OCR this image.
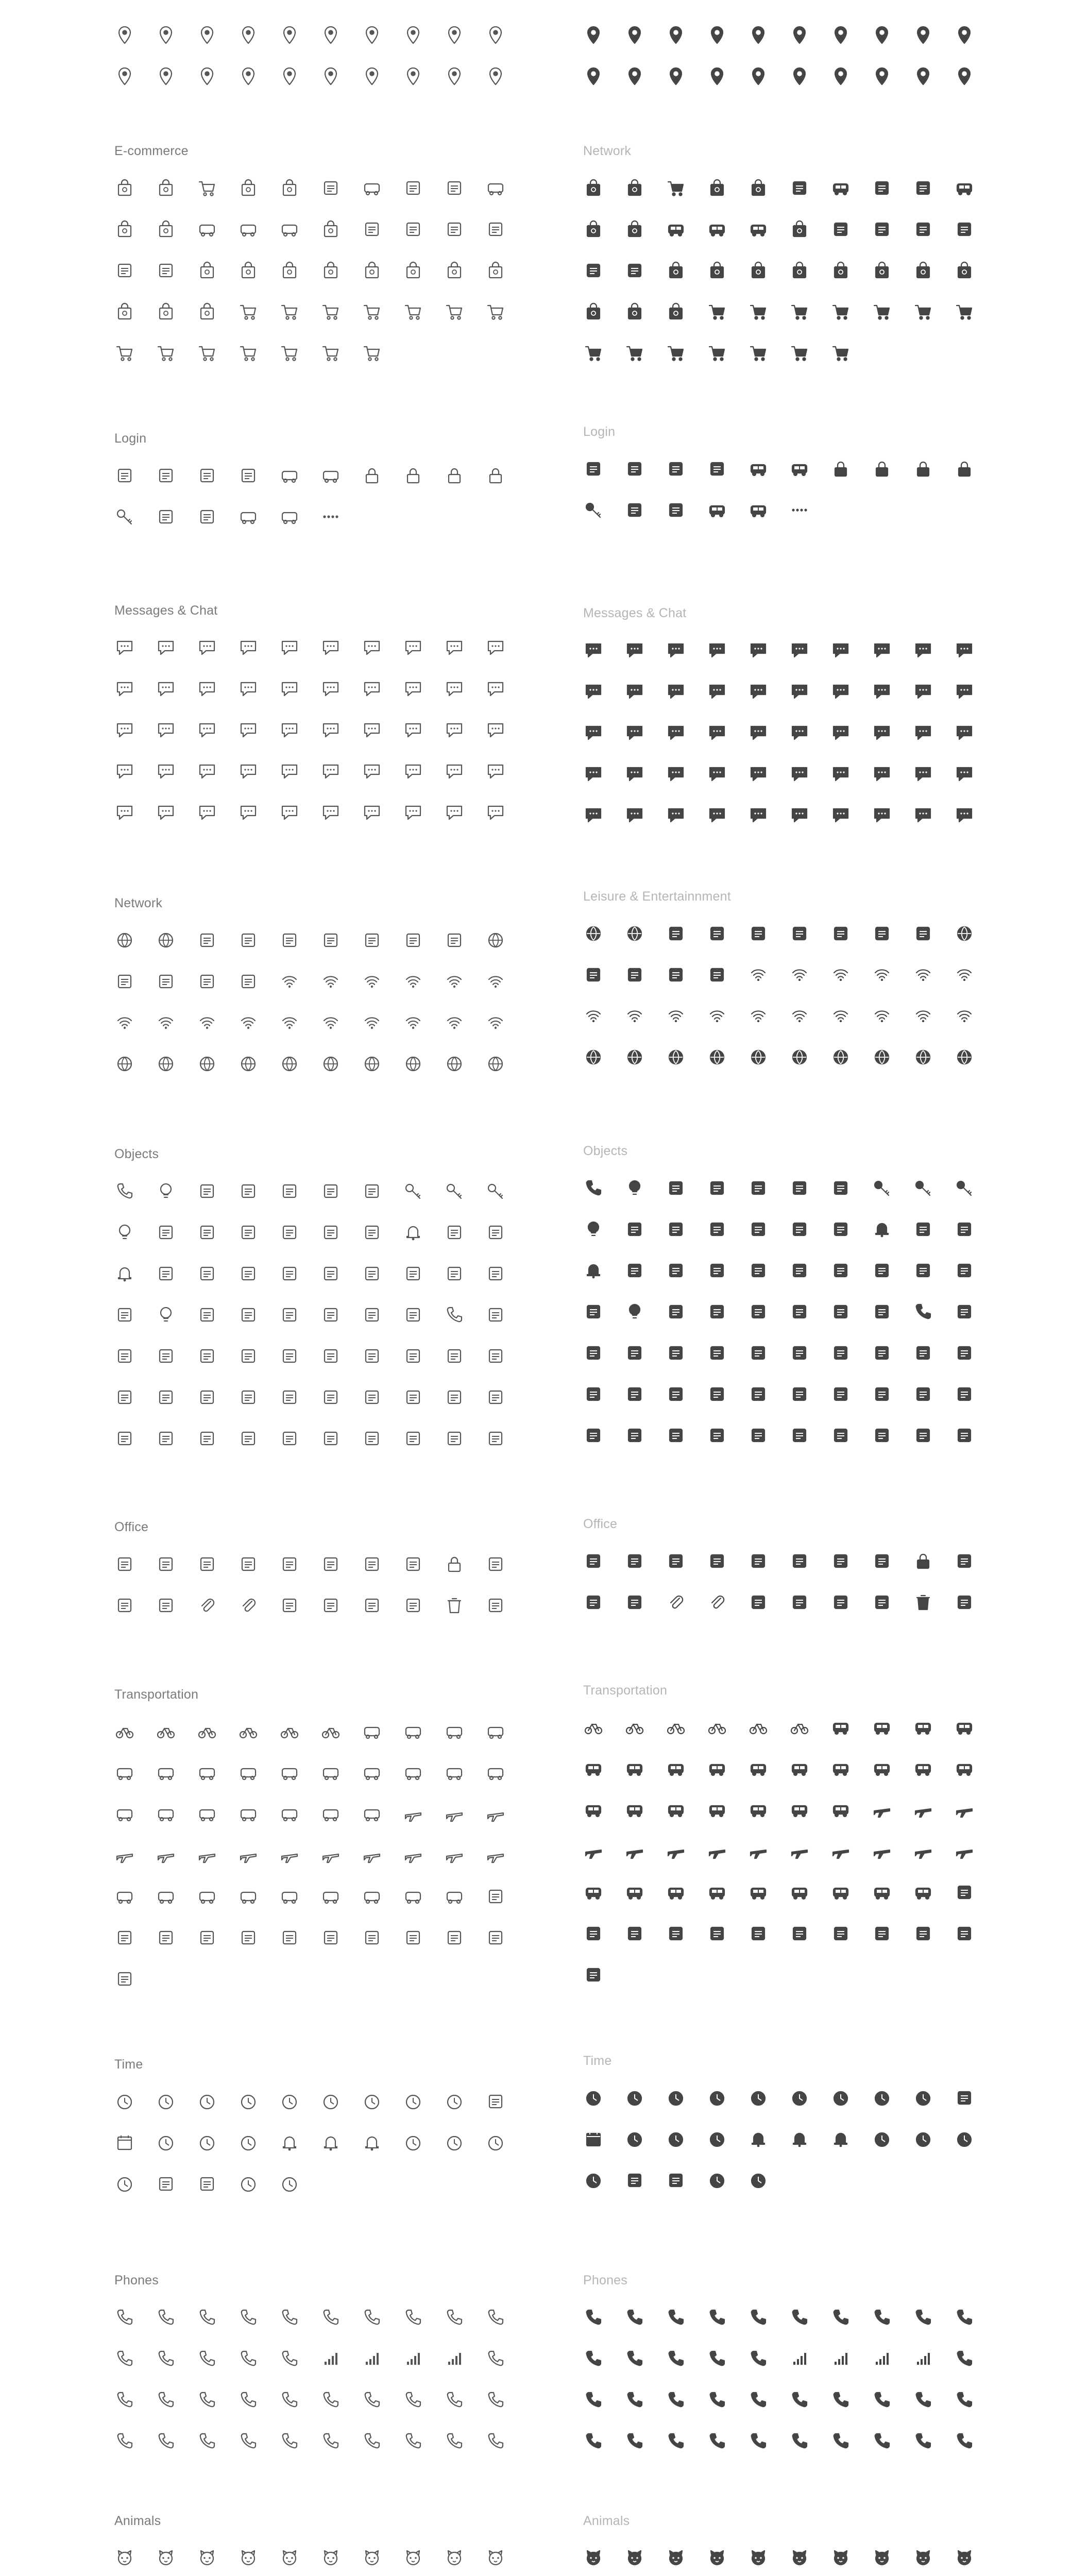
E-commerce
Login
Messages & Chat
Network
Objects
Office
Transportation
Time
Phones
Animals
Network
Login
Messages & Chat
Leisure & Entertainnment
Objects
Office
Transportation
Time
Phones
Animals
